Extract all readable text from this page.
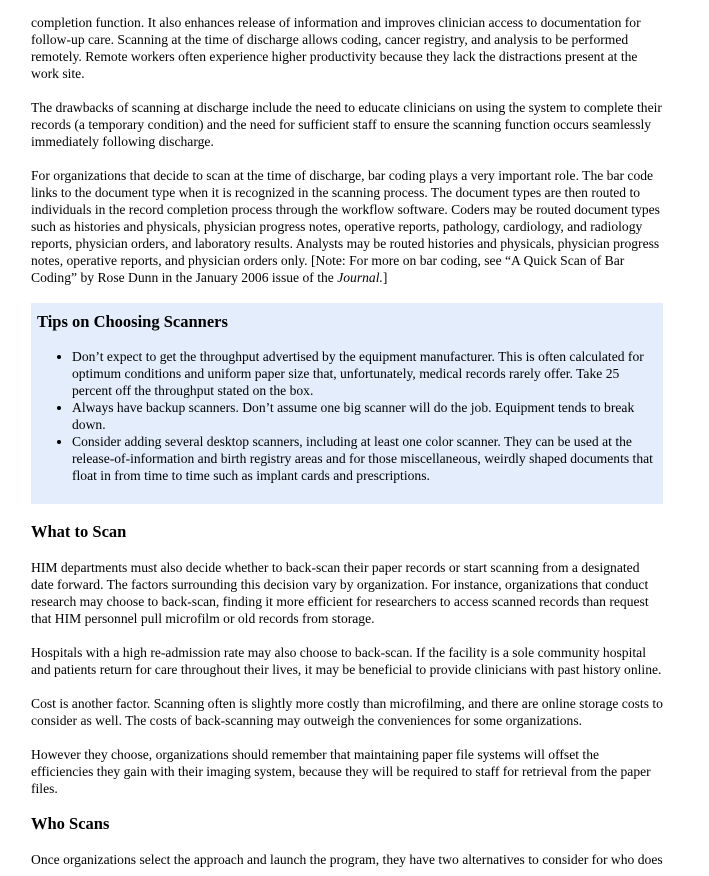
completion function. It also enhances release of information and improves clinician access to documentation for follow-up care. Scanning at the time of discharge allows coding, cancer registry, and analysis to be performed remotely. Remote workers often experience higher productivity because they lack the distractions present at the work site.

The drawbacks of scanning at discharge include the need to educate clinicians on using the system to complete their records (a temporary condition) and the need for sufficient staff to ensure the scanning function occurs seamlessly immediately following discharge.

For organizations that decide to scan at the time of discharge, bar coding plays a very important role. The bar code links to the document type when it is recognized in the scanning process. The document types are then routed to individuals in the record completion process through the workflow software. Coders may be routed document types such as histories and physicals, physician progress notes, operative reports, pathology, cardiology, and radiology reports, physician orders, and laboratory results. Analysts may be routed histories and physicals, physician progress notes, operative reports, and physician orders only. [Note: For more on bar coding, see “A Quick Scan of Bar Coding” by Rose Dunn in the January 2006 issue of the Journal.]

Tips on Choosing Scanners
• Don’t expect to get the throughput advertised by the equipment manufacturer. This is often calculated for optimum conditions and uniform paper size that, unfortunately, medical records rarely offer. Take 25 percent off the throughput stated on the box.
• Always have backup scanners. Don’t assume one big scanner will do the job. Equipment tends to break down.
• Consider adding several desktop scanners, including at least one color scanner. They can be used at the release-of-information and birth registry areas and for those miscellaneous, weirdly shaped documents that float in from time to time such as implant cards and prescriptions.
What to Scan

HIM departments must also decide whether to back-scan their paper records or start scanning from a designated date forward. The factors surrounding this decision vary by organization. For instance, organizations that conduct research may choose to back-scan, finding it more efficient for researchers to access scanned records than request that HIM personnel pull microfilm or old records from storage.

Hospitals with a high re-admission rate may also choose to back-scan. If the facility is a sole community hospital and patients return for care throughout their lives, it may be beneficial to provide clinicians with past history online.

Cost is another factor. Scanning often is slightly more costly than microfilming, and there are online storage costs to consider as well. The costs of back-scanning may outweigh the conveniences for some organizations.

However they choose, organizations should remember that maintaining paper file systems will offset the efficiencies they gain with their imaging system, because they will be required to staff for retrieval from the paper files.

Who Scans

Once organizations select the approach and launch the program, they have two alternatives to consider for who does
